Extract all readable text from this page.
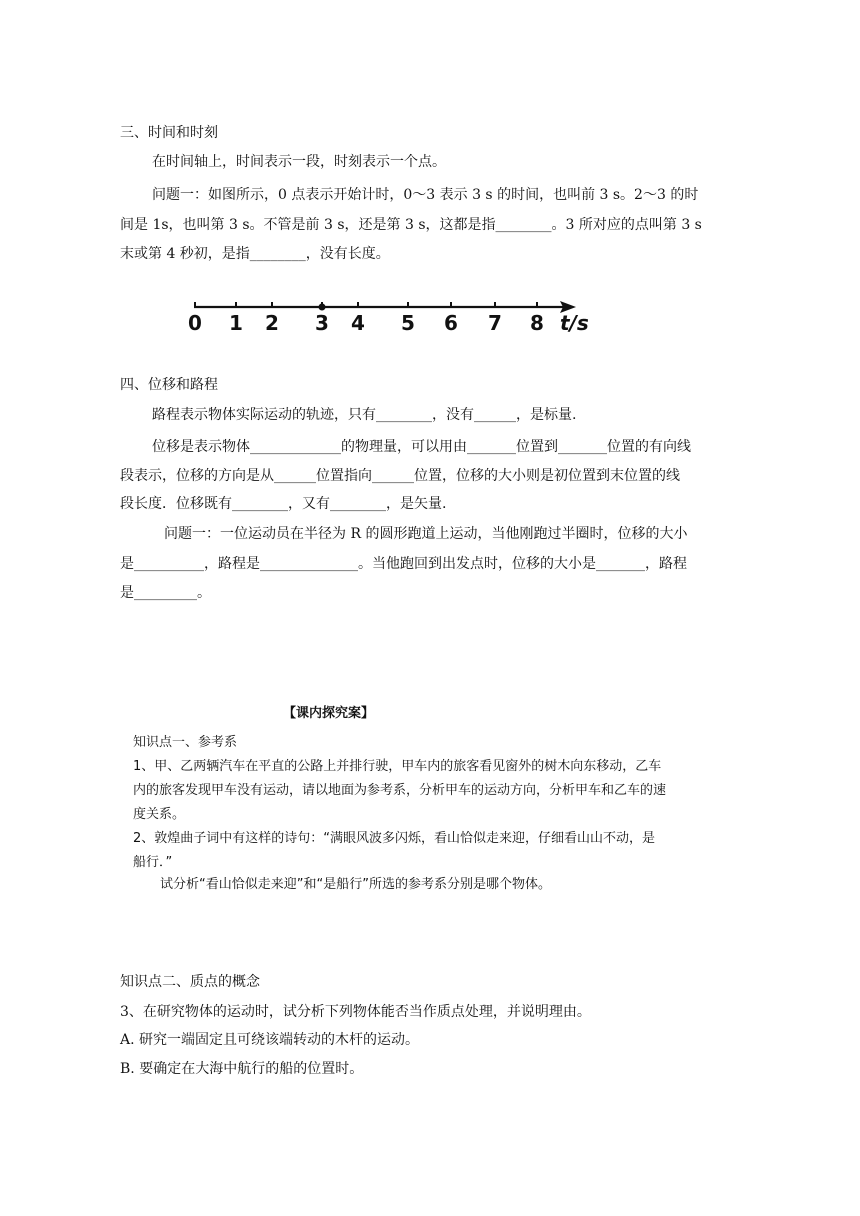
三、时间和时刻
在时间轴上，时间表示一段，时刻表示一个点。
问题一：如图所示，0 点表示开始计时，0～3 表示 3 s 的时间，也叫前 3 s。2～3 的时
间是 1s，也叫第 3 s。不管是前 3 s，还是第 3 s，这都是指________。3 所对应的点叫第 3 s
末或第 4 秒初，是指________，没有长度。
0 1 2 3 4 5 6 7 8 t/s
四、位移和路程
路程表示物体实际运动的轨迹，只有________，没有______，是标量.
位移是表示物体_____________的物理量，可以用由_______位置到_______位置的有向线
段表示，位移的方向是从______位置指向______位置，位移的大小则是初位置到末位置的线
段长度．位移既有________，又有________，是矢量.
问题一：一位运动员在半径为 R 的圆形跑道上运动，当他刚跑过半圈时，位移的大小
是__________，路程是______________。当他跑回到出发点时，位移的大小是_______，路程
是_________。
【课内探究案】
知识点一、参考系
1、甲、乙两辆汽车在平直的公路上并排行驶，甲车内的旅客看见窗外的树木向东移动，乙车
内的旅客发现甲车没有运动，请以地面为参考系，分析甲车的运动方向，分析甲车和乙车的速
度关系。
2、敦煌曲子词中有这样的诗句：“满眼风波多闪烁，看山恰似走来迎，仔细看山山不动，是
船行．”
试分析“看山恰似走来迎”和“是船行”所选的参考系分别是哪个物体。
知识点二、质点的概念
3、在研究物体的运动时，试分析下列物体能否当作质点处理，并说明理由。
A. 研究一端固定且可绕该端转动的木杆的运动。
B. 要确定在大海中航行的船的位置时。
